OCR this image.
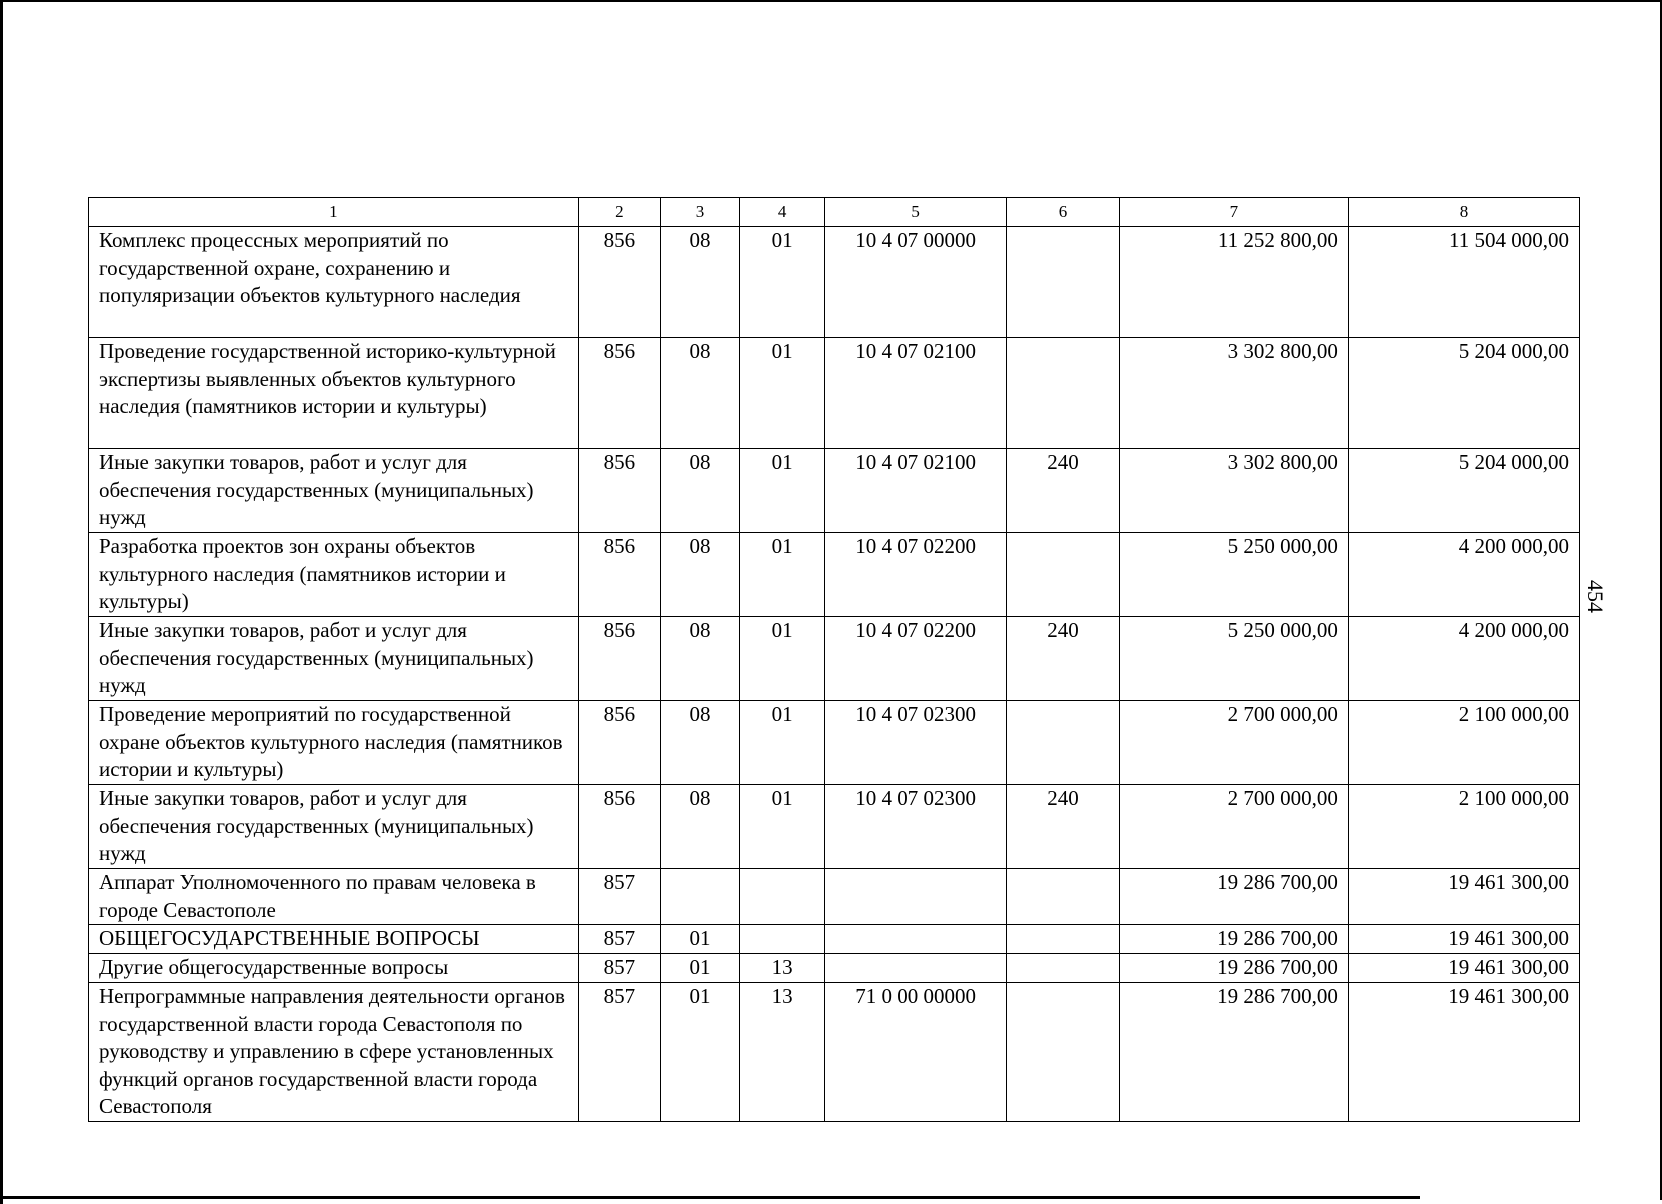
454
1	2	3	4	5	6	7	8
Комплекс процессных мероприятий по государственной охране, сохранению и популяризации объектов культурного наследия	856	08	01	10 4 07 00000		11 252 800,00	11 504 000,00
Проведение государственной историко-культурной экспертизы выявленных объектов культурного наследия (памятников истории и культуры)	856	08	01	10 4 07 02100		3 302 800,00	5 204 000,00
Иные закупки товаров, работ и услуг для обеспечения государственных (муниципальных) нужд	856	08	01	10 4 07 02100	240	3 302 800,00	5 204 000,00
Разработка проектов зон охраны объектов культурного наследия (памятников истории и культуры)	856	08	01	10 4 07 02200		5 250 000,00	4 200 000,00
Иные закупки товаров, работ и услуг для обеспечения государственных (муниципальных) нужд	856	08	01	10 4 07 02200	240	5 250 000,00	4 200 000,00
Проведение мероприятий по государственной охране объектов культурного наследия (памятников истории и культуры)	856	08	01	10 4 07 02300		2 700 000,00	2 100 000,00
Иные закупки товаров, работ и услуг для обеспечения государственных (муниципальных) нужд	856	08	01	10 4 07 02300	240	2 700 000,00	2 100 000,00
Аппарат Уполномоченного по правам человека в городе Севастополе	857					19 286 700,00	19 461 300,00
ОБЩЕГОСУДАРСТВЕННЫЕ ВОПРОСЫ	857	01				19 286 700,00	19 461 300,00
Другие общегосударственные вопросы	857	01	13			19 286 700,00	19 461 300,00
Непрограммные направления деятельности органов государственной власти города Севастополя по руководству и управлению в сфере установленных функций органов государственной власти города Севастополя	857	01	13	71 0 00 00000		19 286 700,00	19 461 300,00
